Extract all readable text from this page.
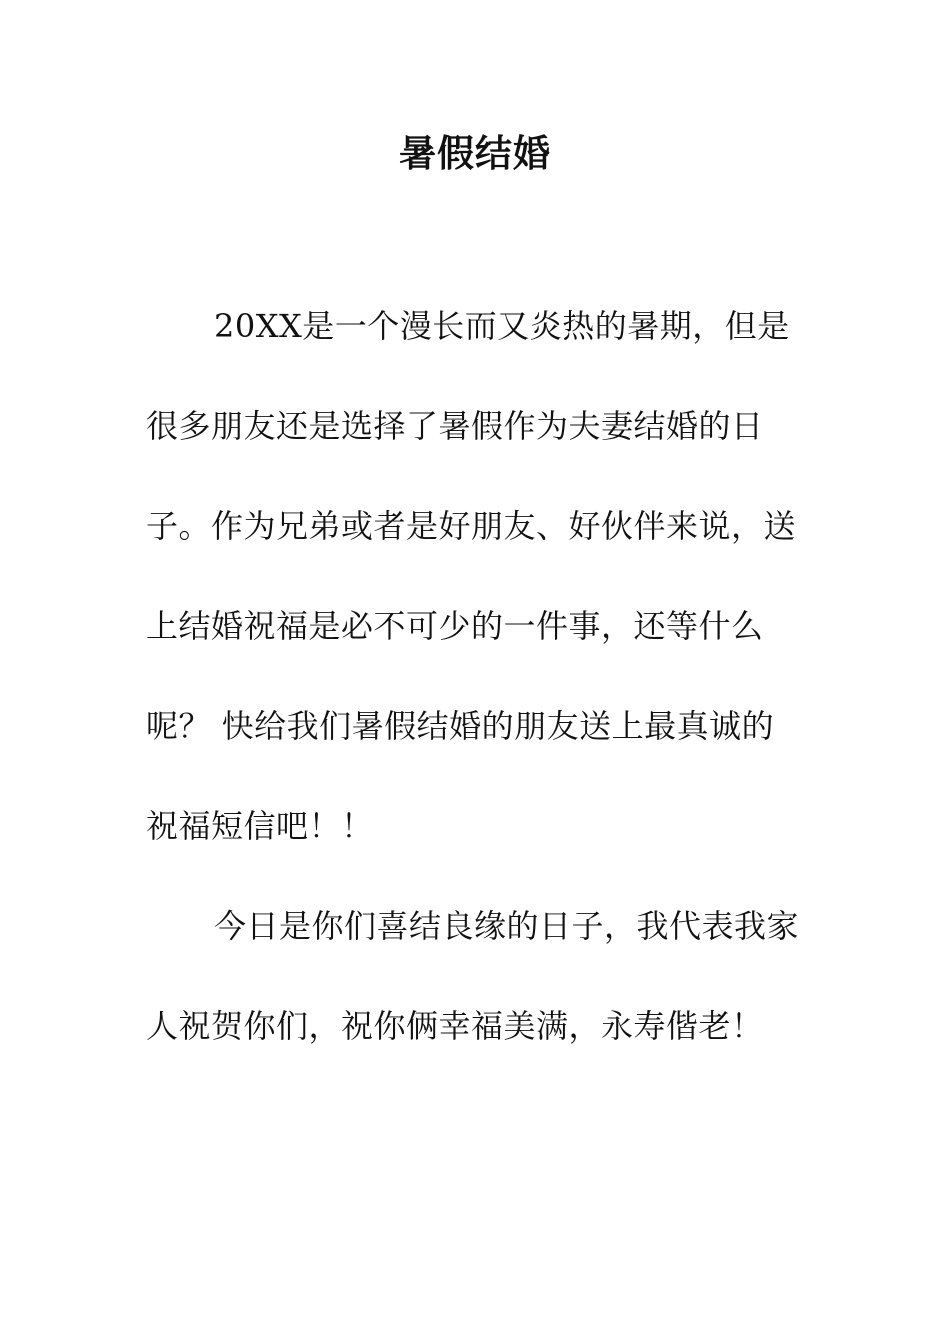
暑假结婚

20XX是一个漫长而又炎热的暑期，但是很多朋友还是选择了暑假作为夫妻结婚的日子。作为兄弟或者是好朋友、好伙伴来说，送上结婚祝福是必不可少的一件事，还等什么呢？ 快给我们暑假结婚的朋友送上最真诚的祝福短信吧！！

今日是你们喜结良缘的日子，我代表我家人祝贺你们，祝你俩幸福美满，永寿偕老！
